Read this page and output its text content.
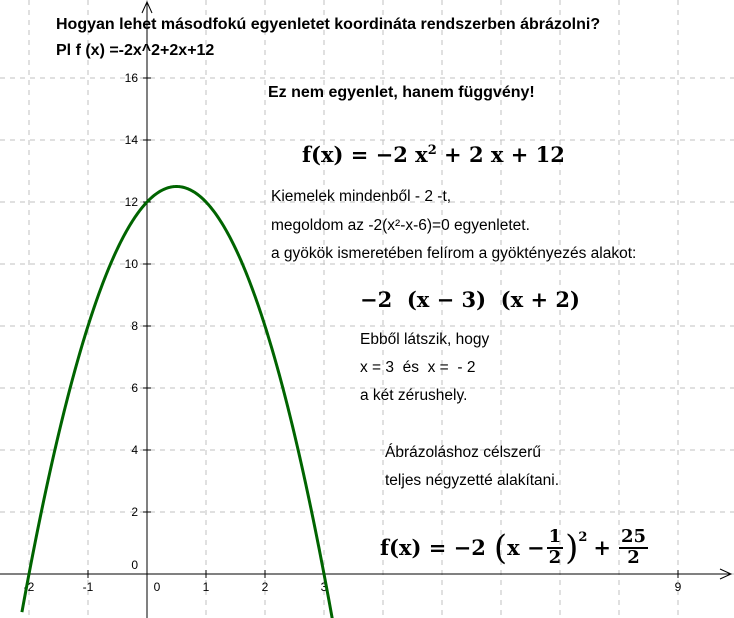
-2	-1	0	1	2	3	9
0
2
4
6
8
10
12
14
16
Hogyan lehet másodfokú egyenletet koordináta rendszerben ábrázolni?
Pl f (x) =-2x^2+2x+12
Ez nem egyenlet, hanem függvény!
f(x) = −2 $x^2 + 2$ x + 12
Kiemelek mindenből - 2 -t,
megoldom az -2(x²-x-6)=0 egyenletet.
a gyökök ismeretében felírom a gyöktényezés alakot:
−2  (x − 3)  (x + 2)
Ebből látszik, hogy
x = 3  és  x =  - 2
a két zérushely.
Ábrázoláshoz célszerű
teljes négyzetté alakítani.
f(x) = −2 ( $x - \frac{1}{2} )^2 + \frac{25}{2}$
